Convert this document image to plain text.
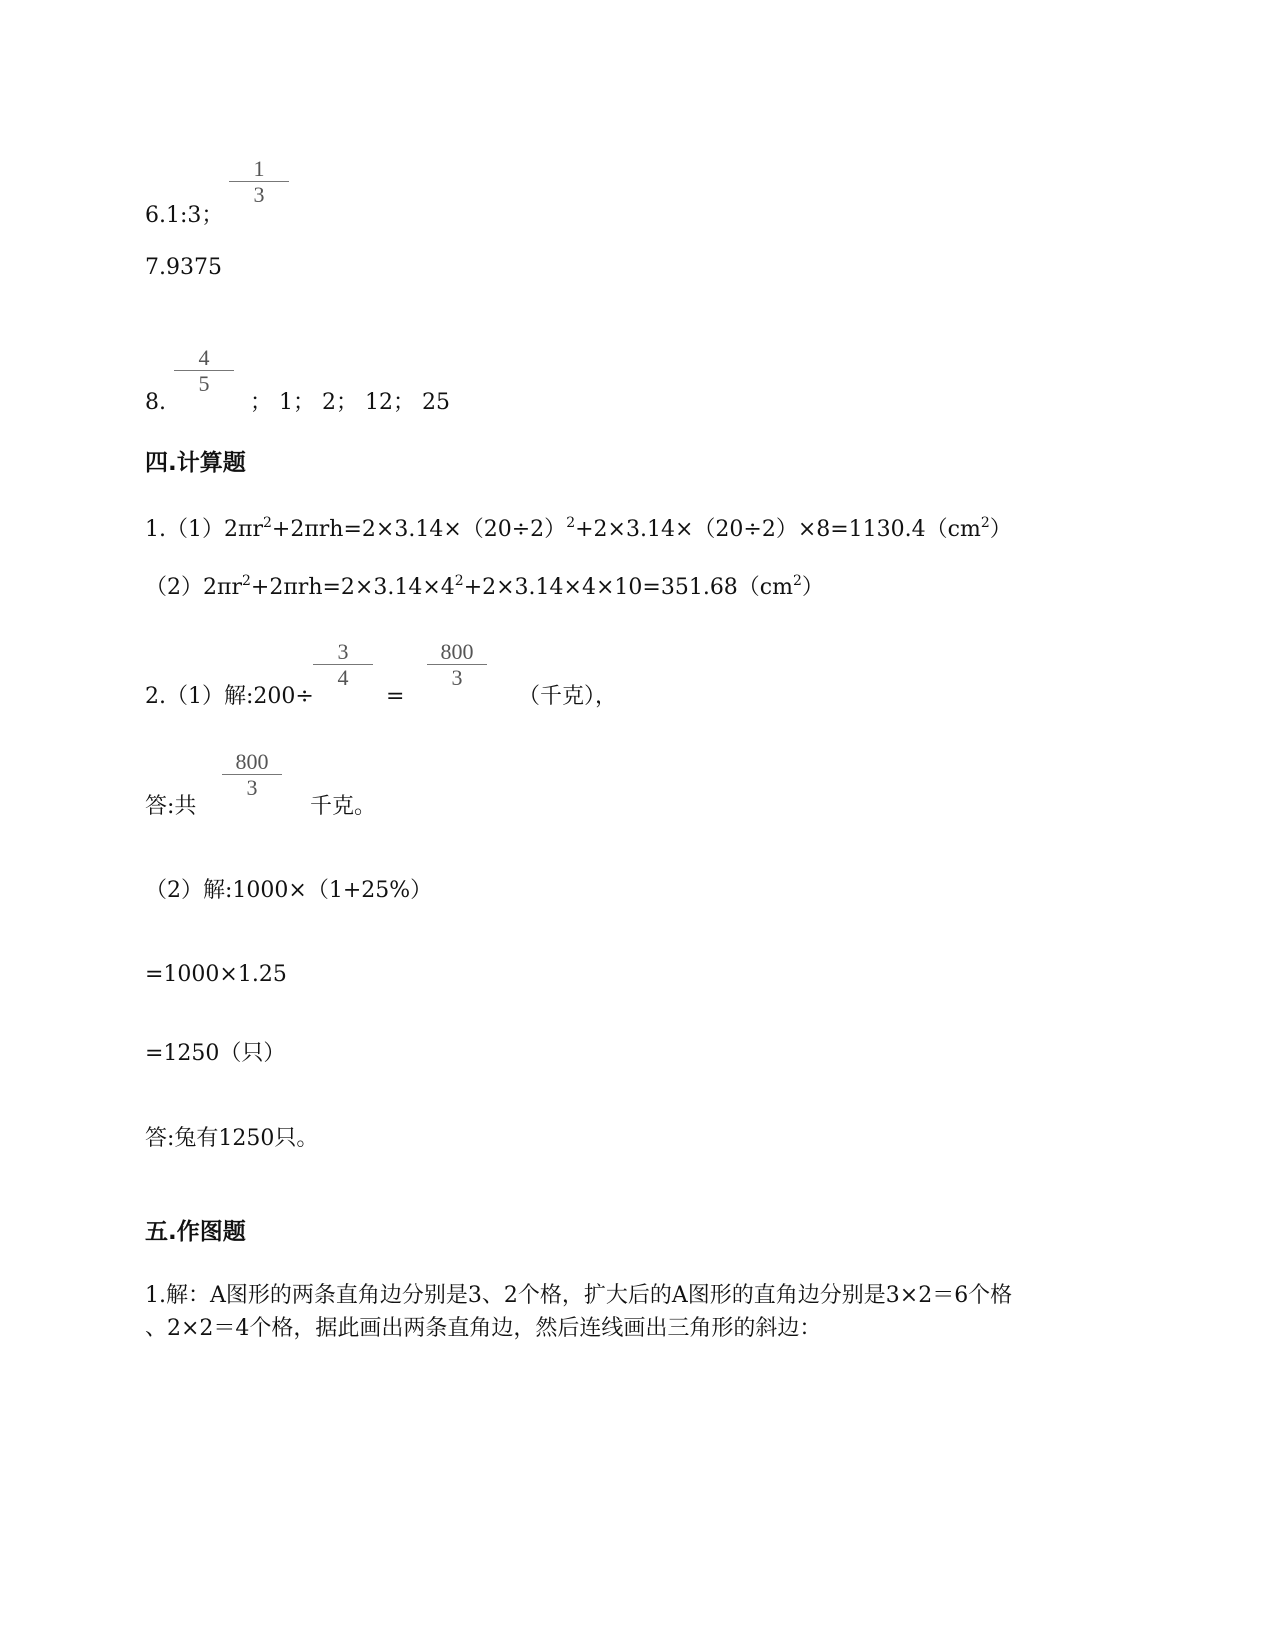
6.1:3；
1
3
7.9375
8.
4
5
； 1； 2； 12； 25
四.计算题
$1.(1)2\pi r^2+2\pi rh=2\times 3.14\times(20\div 2)^2+2\times 3.14\times(20\div 2)\times 8=1130.4(cm^2)$
$(2)2\pi r^2+2\pi rh=2\times 3.14\times 4^2+2\times 3.14\times 4\times 10=351.68(cm^2)$
2.（1）解:200÷
3
4
=
800
3
（千克），
答:共
800
3
千克。
（2）解:1000×（1+25%）
=1000×1.25
=1250（只）
答:兔有1250只。
五.作图题
1.解：A图形的两条直角边分别是3、2个格，扩大后的A图形的直角边分别是3×2＝6个格
、2×2＝4个格，据此画出两条直角边，然后连线画出三角形的斜边：
